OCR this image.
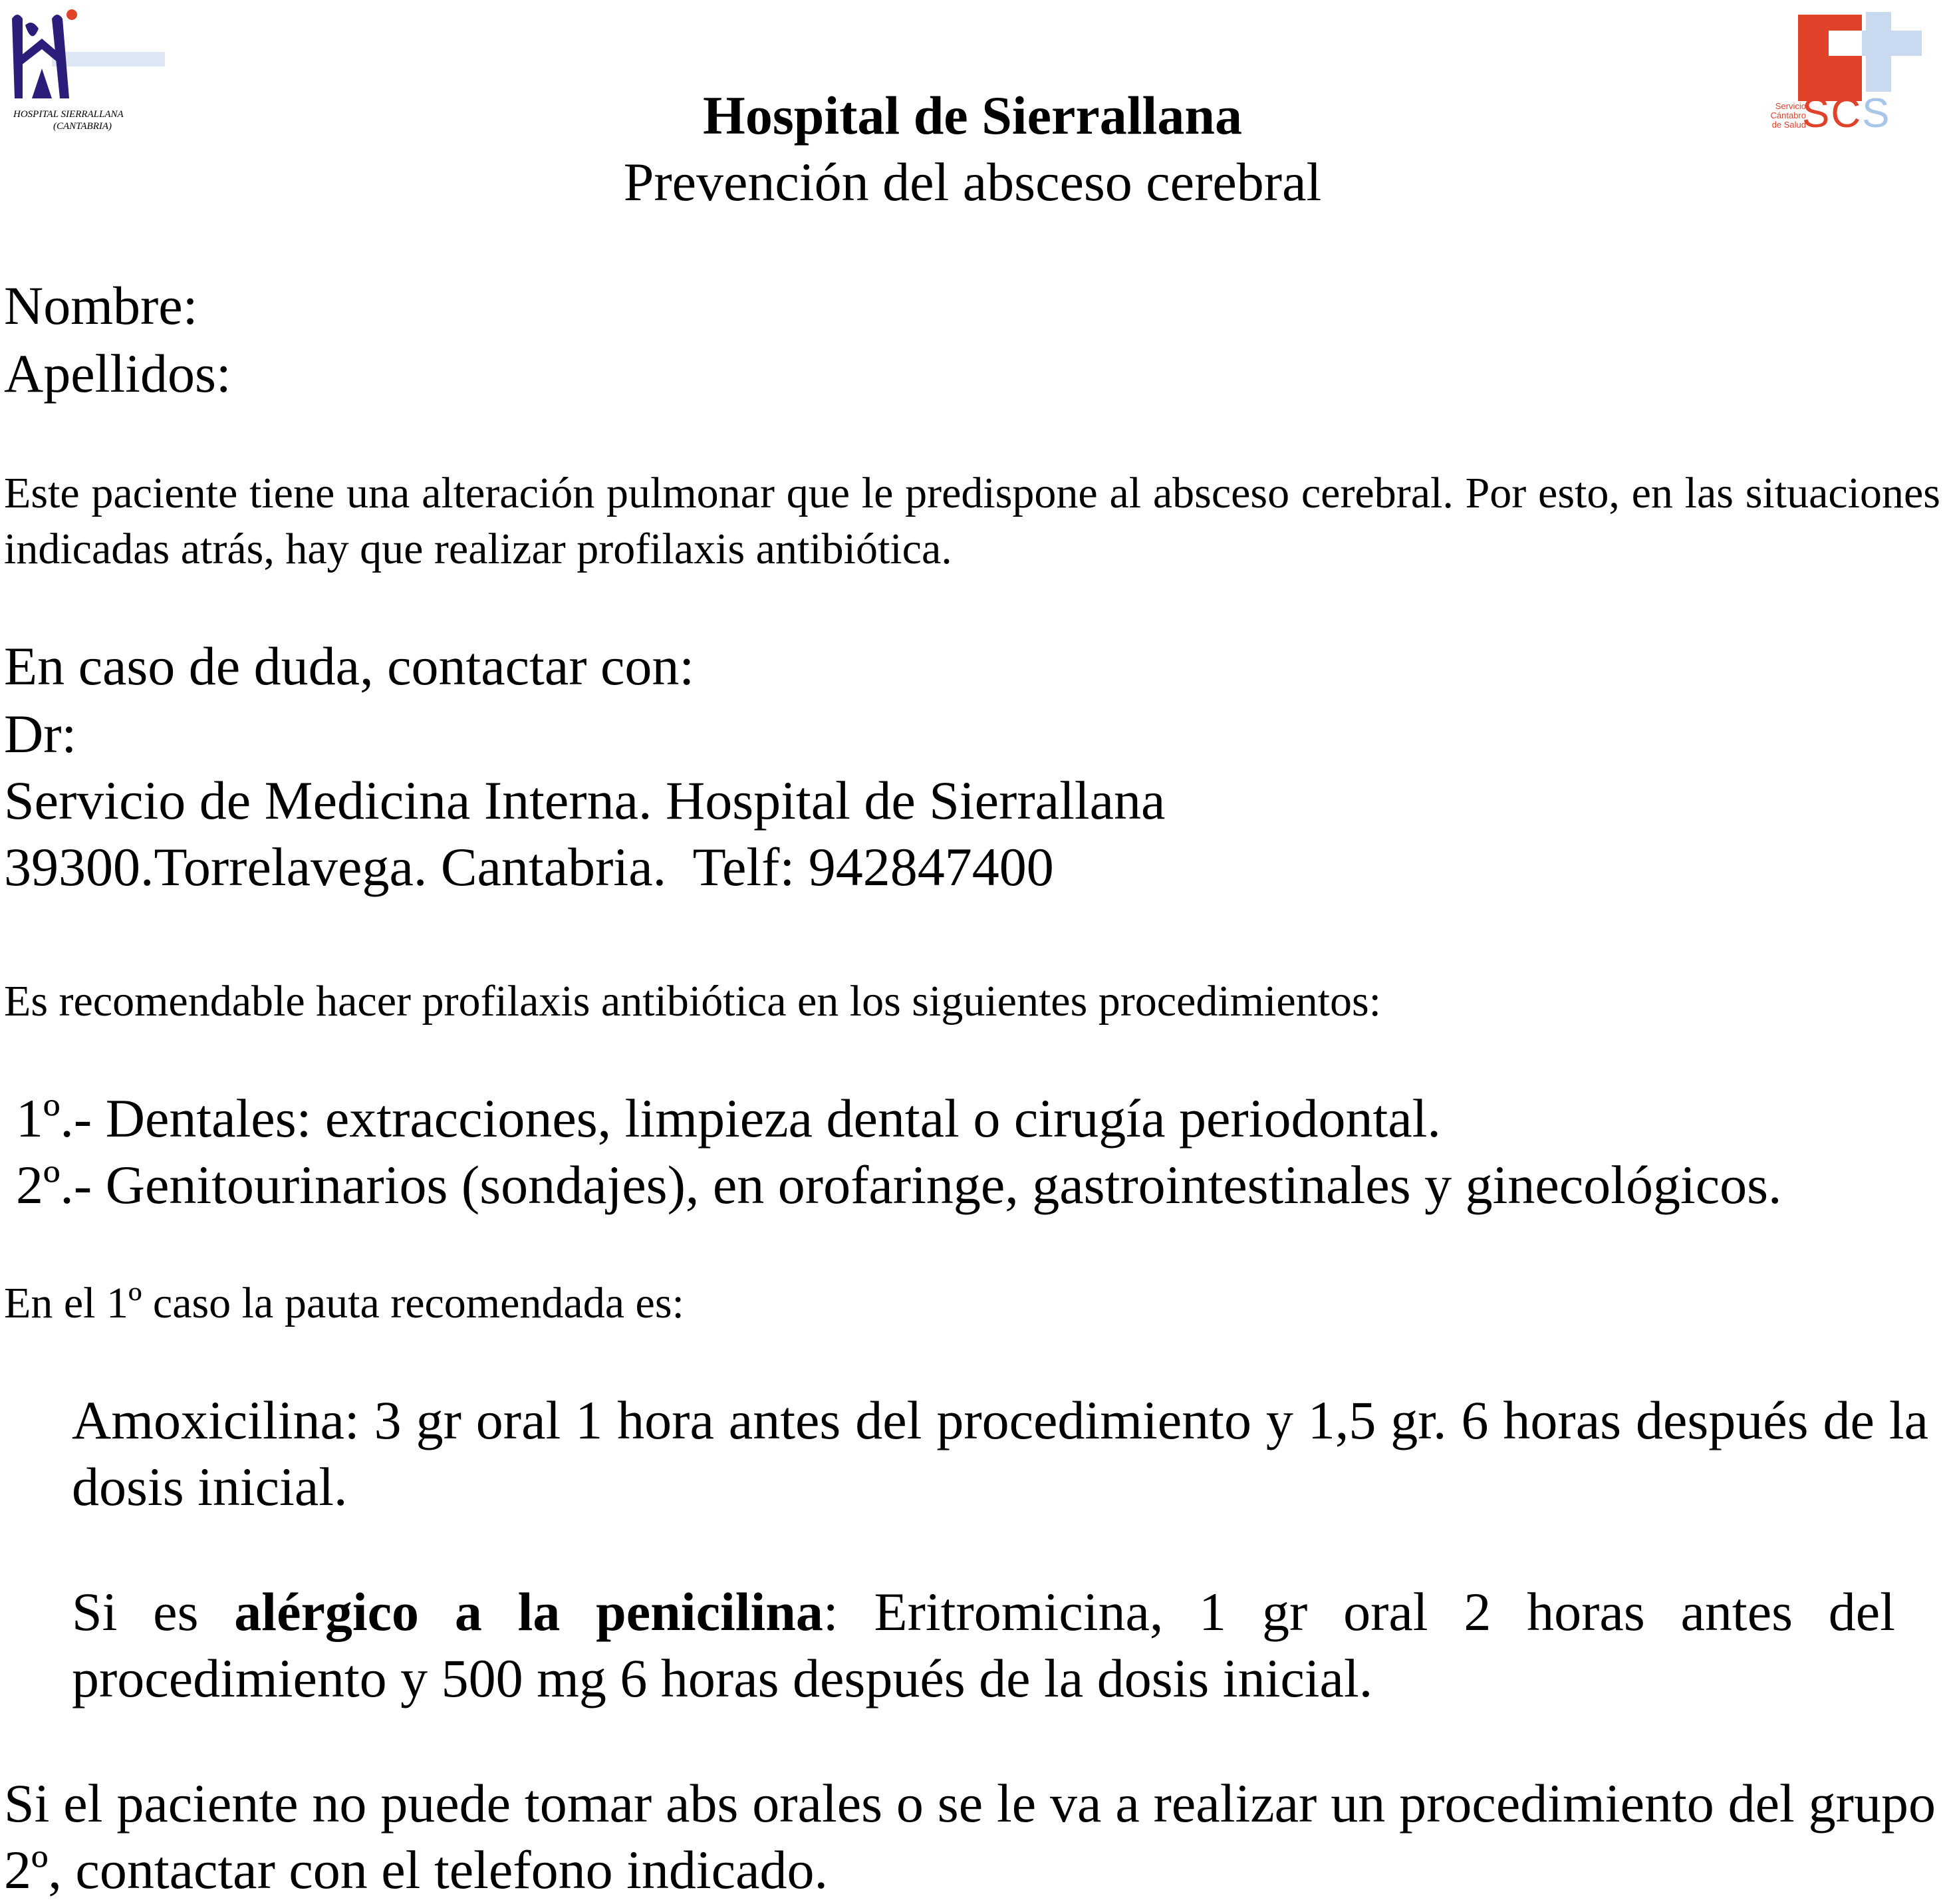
HOSPITAL SIERRALLANA
(CANTABRIA)
Servicio
Cántabro
de Salud
SCS
Hospital de Sierrallana
Prevención del absceso cerebral
Nombre:
Apellidos:
Este paciente tiene una alteración pulmonar que le predispone al absceso cerebral. Por esto, en las situaciones indicadas atrás, hay que realizar profilaxis antibiótica.
En caso de duda, contactar con:
Dr:
Servicio de Medicina Interna. Hospital de Sierrallana
39300.Torrelavega. Cantabria.  Telf: 942847400
Es recomendable hacer profilaxis antibiótica en los siguientes procedimientos:
1º.- Dentales: extracciones, limpieza dental o cirugía periodontal.
2º.- Genitourinarios (sondajes), en orofaringe, gastrointestinales y ginecológicos.
En el 1º caso la pauta recomendada es:
Amoxicilina: 3 gr oral 1 hora antes del procedimiento y 1,5 gr. 6 horas después de la dosis inicial.
Si es alérgico a la penicilina: Eritromicina, 1 gr oral 2 horas antes del procedimiento y 500 mg 6 horas después de la dosis inicial.
Si el paciente no puede tomar abs orales o se le va a realizar un procedimiento del grupo 2º, contactar con el telefono indicado.
